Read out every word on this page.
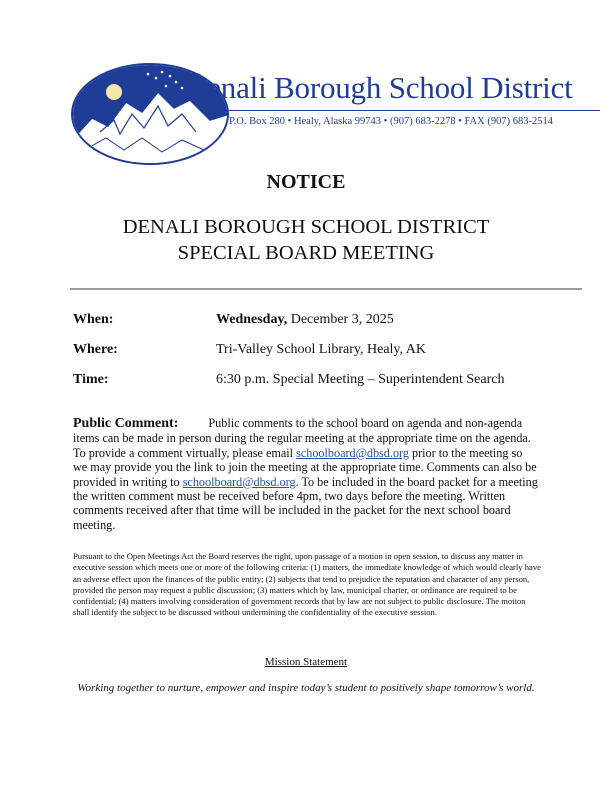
Denali Borough School District
P.O. Box 280 • Healy, Alaska 99743 • (907) 683-2278 • FAX (907) 683-2514
NOTICE
DENALI BOROUGH SCHOOL DISTRICT
SPECIAL BOARD MEETING
When:	Wednesday, December 3, 2025
Where:	Tri-Valley School Library, Healy, AK
Time:	6:30 p.m. Special Meeting – Superintendent Search
Public Comment: Public comments to the school board on agenda and non-agenda items can be made in person during the regular meeting at the appropriate time on the agenda. To provide a comment virtually, please email schoolboard@dbsd.org prior to the meeting so we may provide you the link to join the meeting at the appropriate time. Comments can also be provided in writing to schoolboard@dbsd.org. To be included in the board packet for a meeting the written comment must be received before 4pm, two days before the meeting. Written comments received after that time will be included in the packet for the next school board meeting.
Pursuant to the Open Meetings Act the Board reserves the right, upon passage of a motion in open session, to discuss any matter in executive session which meets one or more of the following criteria: (1) matters, the immediate knowledge of which would clearly have an adverse effect upon the finances of the public entity; (2) subjects that tend to prejudice the reputation and character of any person, provided the person may request a public discussion; (3) matters which by law, municipal charter, or ordinance are required to be confidential; (4) matters involving consideration of government records that by law are not subject to public disclosure. The motion shall identify the subject to be discussed without undermining the confidentiality of the executive session.
Mission Statement
Working together to nurture, empower and inspire today’s student to positively shape tomorrow’s world.
